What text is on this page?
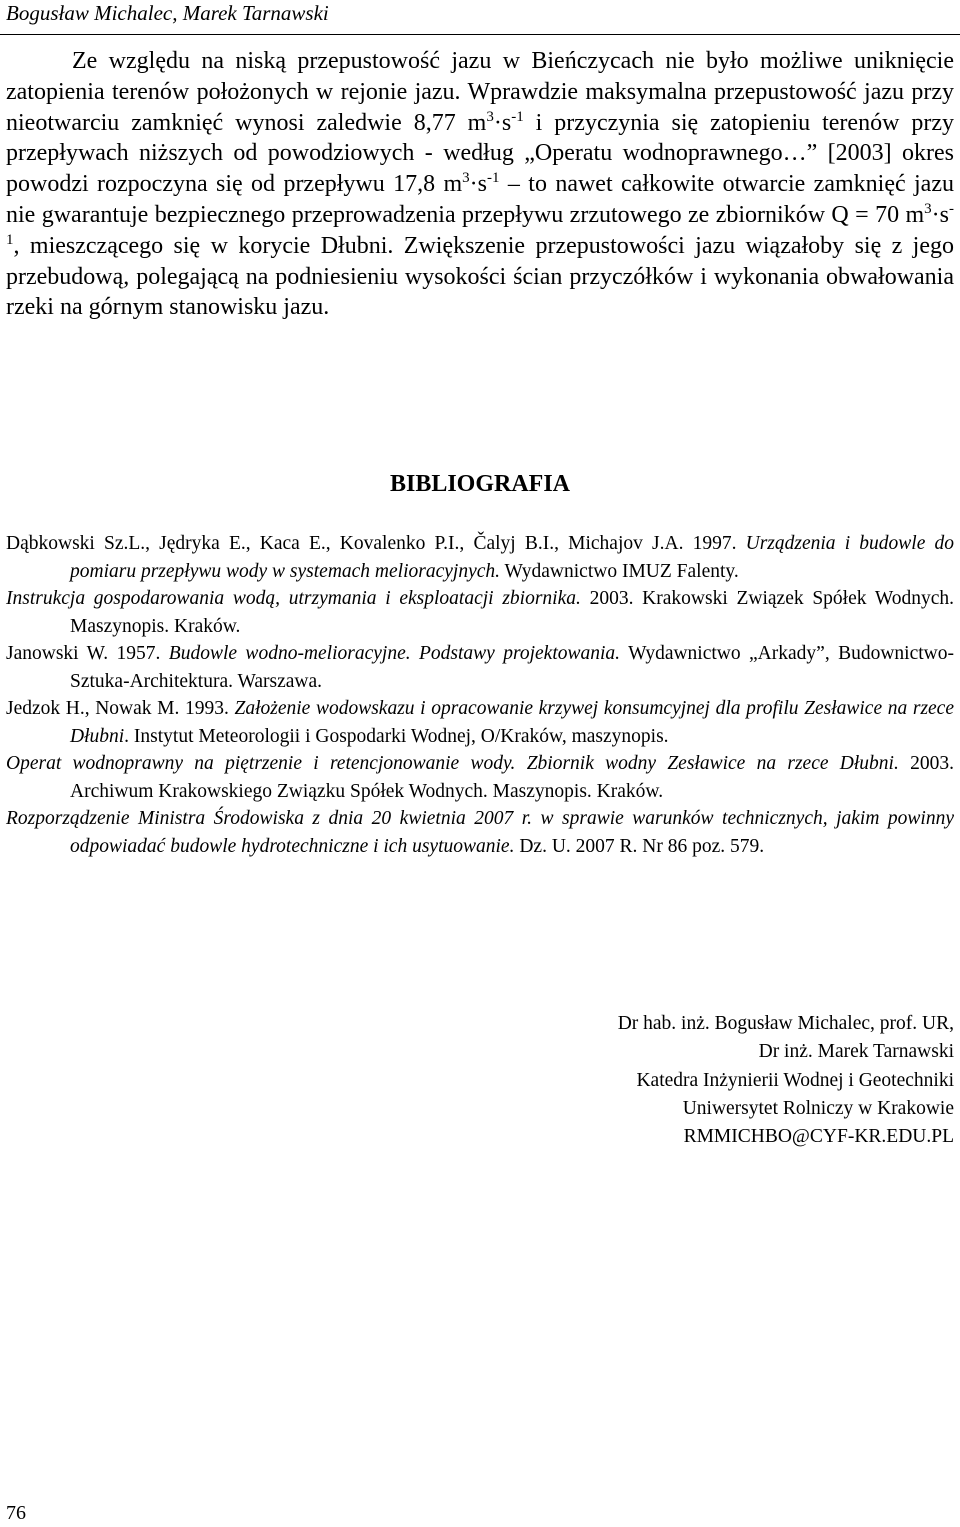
Bogusław Michalec, Marek Tarnawski

Ze względu na niską przepustowość jazu w Bieńczycach nie było możliwe uniknięcie zatopienia terenów położonych w rejonie jazu. Wprawdzie maksymalna przepustowość jazu przy nieotwarciu zamknięć wynosi zaledwie 8,77 $m^3\cdot s^{-1}$ i przyczynia się zatopieniu terenów przy przepływach niższych od powodziowych - według „Operatu wodnoprawnego…” [2003] okres powodzi rozpoczyna się od przepływu 17,8 $m^3\cdot s^{-1}$ – to nawet całkowite otwarcie zamknięć jazu nie gwarantuje bezpiecznego przeprowadzenia przepływu zrzutowego ze zbiorników Q = 70 $m^3\cdot s^{-1}$, mieszczącego się w korycie Dłubni. Zwiększenie przepustowości jazu wiązałoby się z jego przebudową, polegającą na podniesieniu wysokości ścian przyczółków i wykonania obwałowania rzeki na górnym stanowisku jazu.

BIBLIOGRAFIA

Dąbkowski Sz.L., Jędryka E., Kaca E., Kovalenko P.I., Čalyj B.I., Michajov J.A. 1997. Urządzenia i budowle do pomiaru przepływu wody w systemach melioracyjnych. Wydawnictwo IMUZ Falenty.

Instrukcja gospodarowania wodą, utrzymania i eksploatacji zbiornika. 2003. Krakowski Związek Spółek Wodnych. Maszynopis. Kraków.

Janowski W. 1957. Budowle wodno-melioracyjne. Podstawy projektowania. Wydawnictwo „Arkady”, Budownictwo-Sztuka-Architektura. Warszawa.

Jedzok H., Nowak M. 1993. Założenie wodowskazu i opracowanie krzywej konsumcyjnej dla profilu Zesławice na rzece Dłubni. Instytut Meteorologii i Gospodarki Wodnej, O/Kraków, maszynopis.

Operat wodnoprawny na piętrzenie i retencjonowanie wody. Zbiornik wodny Zesławice na rzece Dłubni. 2003. Archiwum Krakowskiego Związku Spółek Wodnych. Maszynopis. Kraków.

Rozporządzenie Ministra Środowiska z dnia 20 kwietnia 2007 r. w sprawie warunków technicznych, jakim powinny odpowiadać budowle hydrotechniczne i ich usytuowanie. Dz. U. 2007 R. Nr 86 poz. 579.

Dr hab. inż. Bogusław Michalec, prof. UR,
Dr inż. Marek Tarnawski
Katedra Inżynierii Wodnej i Geotechniki
Uniwersytet Rolniczy w Krakowie
RMMICHBO@CYF-KR.EDU.PL
76
